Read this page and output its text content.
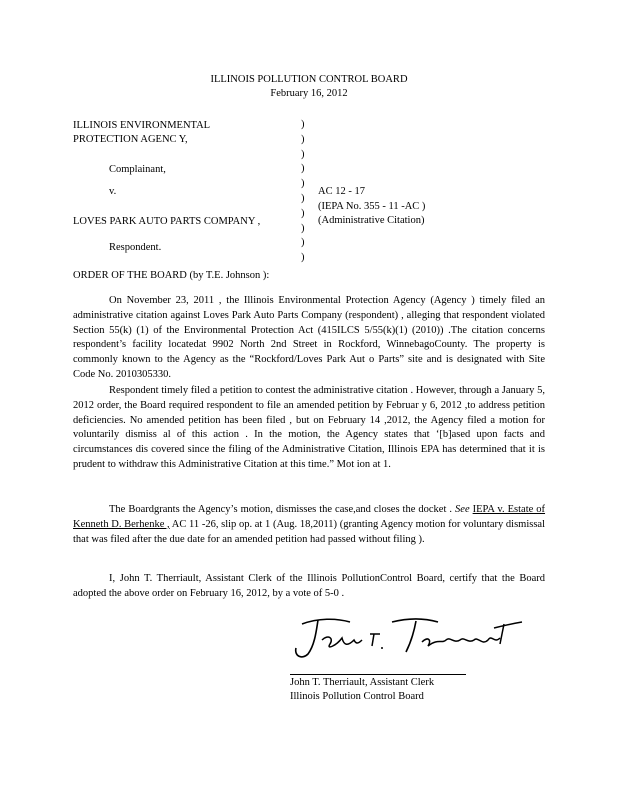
ILLINOIS POLLUTION CONTROL BOARD
February 16, 2012
ILLINOIS ENVIRONMENTAL
PROTECTION AGENC Y,
Complainant,
v.
LOVES PARK AUTO PARTS COMPANY ,
Respondent.
)
)
)
)
)
)
)
)
)
)
AC 12 - 17
(IEPA No. 355 - 11 -AC )
(Administrative Citation)
ORDER OF THE BOARD (by T.E. Johnson ):
On November 23, 2011 , the Illinois Environmental Protection Agency (Agency ) timely filed an administrative citation against Loves Park Auto Parts Company (respondent) , alleging that respondent violated Section 55(k) (1) of the Environmental Protection Act (415ILCS 5/55(k)(1) (2010)) .The citation concerns respondent’s facility locatedat 9902 North 2nd Street in Rockford, WinnebagoCounty. The property is commonly known to the Agency as the “Rockford/Loves Park Aut o Parts” site and is designated with Site Code No. 2010305330.
Respondent timely filed a petition to contest the administrative citation . However, through a January 5, 2012 order, the Board required respondent to file an amended petition by Februar y 6, 2012 ,to address petition deficiencies. No amended petition has been filed , but on February 14 ,2012, the Agency filed a motion for voluntarily dismiss al of this action . In the motion, the Agency states that ‘[b]ased upon facts and circumstances dis covered since the filing of the Administrative Citation, Illinois EPA has determined that it is prudent to withdraw this Administrative Citation at this time.” Mot ion at 1.
The Boardgrants the Agency’s motion, dismisses the case,and closes the docket . See IEPA v. Estate of Kenneth D. Berhenke , AC 11 -26, slip op. at 1 (Aug. 18,2011) (granting Agency motion for voluntary dismissal that was filed after the due date for an amended petition had passed without filing ).
I, John T. Therriault, Assistant Clerk of the Illinois PollutionControl Board, certify that the Board adopted the above order on February 16, 2012, by a vote of 5-0 .
John T. Therriault, Assistant Clerk
Illinois Pollution Control Board
